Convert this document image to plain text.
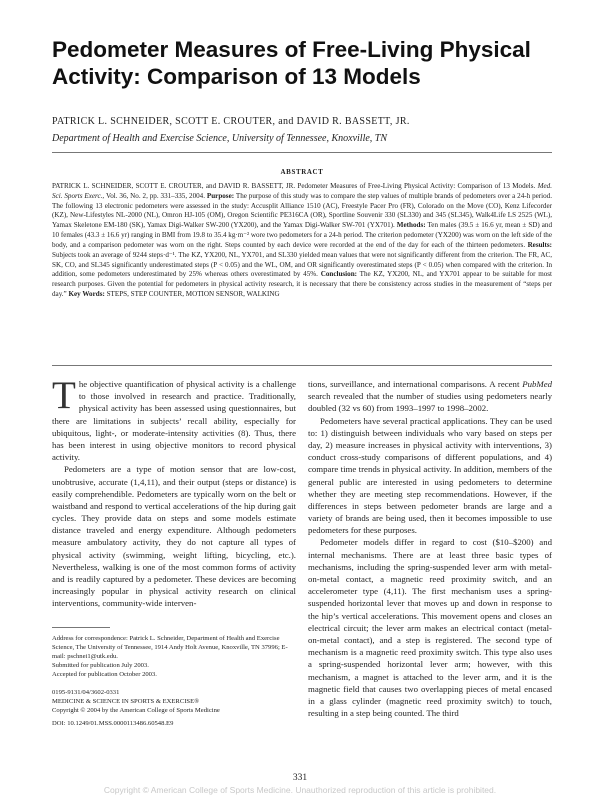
Pedometer Measures of Free-Living Physical Activity: Comparison of 13 Models
PATRICK L. SCHNEIDER, SCOTT E. CROUTER, and DAVID R. BASSETT, JR.
Department of Health and Exercise Science, University of Tennessee, Knoxville, TN
ABSTRACT

PATRICK L. SCHNEIDER, SCOTT E. CROUTER, and DAVID R. BASSETT, JR. Pedometer Measures of Free-Living Physical Activity: Comparison of 13 Models. Med. Sci. Sports Exerc., Vol. 36, No. 2, pp. 331–335, 2004. Purpose: The purpose of this study was to compare the step values of multiple brands of pedometers over a 24-h period. The following 13 electronic pedometers were assessed in the study: Accusplit Alliance 1510 (AC), Freestyle Pacer Pro (FR), Colorado on the Move (CO), Kenz Lifecorder (KZ), New-Lifestyles NL-2000 (NL), Omron HJ-105 (OM), Oregon Scientific PE316CA (OR), Sportline Souvenir 330 (SL330) and 345 (SL345), Walk4Life LS 2525 (WL), Yamax Skeletone EM-180 (SK), Yamax Digi-Walker SW-200 (YX200), and the Yamax Digi-Walker SW-701 (YX701). Methods: Ten males (39.5 ± 16.6 yr, mean ± SD) and 10 females (43.3 ± 16.6 yr) ranging in BMI from 19.8 to 35.4 kg·m⁻² wore two pedometers for a 24-h period. The criterion pedometer (YX200) was worn on the left side of the body, and a comparison pedometer was worn on the right. Steps counted by each device were recorded at the end of the day for each of the thirteen pedometers. Results: Subjects took an average of 9244 steps·d⁻¹. The KZ, YX200, NL, YX701, and SL330 yielded mean values that were not significantly different from the criterion. The FR, AC, SK, CO, and SL345 significantly underestimated steps (P < 0.05) and the WL, OM, and OR significantly overestimated steps (P < 0.05) when compared with the criterion. In addition, some pedometers underestimated by 25% whereas others overestimated by 45%. Conclusion: The KZ, YX200, NL, and YX701 appear to be suitable for most research purposes. Given the potential for pedometers in physical activity research, it is necessary that there be consistency across studies in the measurement of “steps per day.” Key Words: STEPS, STEP COUNTER, MOTION SENSOR, WALKING

The objective quantification of physical activity is a challenge to those involved in research and practice. Traditionally, physical activity has been assessed using questionnaires, but there are limitations in subjects’ recall ability, especially for ubiquitous, light-, or moderate-intensity activities (8). Thus, there has been interest in using objective monitors to record physical activity.

Pedometers are a type of motion sensor that are low-cost, unobtrusive, accurate (1,4,11), and their output (steps or distance) is easily comprehendible. Pedometers are typically worn on the belt or waistband and respond to vertical accelerations of the hip during gait cycles. They provide data on steps and some models estimate distance traveled and energy expenditure. Although pedometers measure ambulatory activity, they do not capture all types of physical activity (swimming, weight lifting, bicycling, etc.). Nevertheless, walking is one of the most common forms of activity and is readily captured by a pedometer. These devices are becoming increasingly popular in physical activity research on clinical interventions, community-wide interven-

tions, surveillance, and international comparisons. A recent PubMed search revealed that the number of studies using pedometers nearly doubled (32 vs 60) from 1993–1997 to 1998–2002.

Pedometers have several practical applications. They can be used to: 1) distinguish between individuals who vary based on steps per day, 2) measure increases in physical activity with interventions, 3) conduct cross-study comparisons of different populations, and 4) compare time trends in physical activity. In addition, members of the general public are interested in using pedometers to determine whether they are meeting step recommendations. However, if the differences in steps between pedometer brands are large and a variety of brands are being used, then it becomes impossible to use pedometers for these purposes.

Pedometer models differ in regard to cost ($10–$200) and internal mechanisms. There are at least three basic types of mechanisms, including the spring-suspended lever arm with metal-on-metal contact, a magnetic reed proximity switch, and an accelerometer type (4,11). The first mechanism uses a spring-suspended horizontal lever that moves up and down in response to the hip’s vertical accelerations. This movement opens and closes an electrical circuit; the lever arm makes an electrical contact (metal-on-metal contact), and a step is registered. The second type of mechanism is a magnetic reed proximity switch. This type also uses a spring-suspended horizontal lever arm; however, with this mechanism, a magnet is attached to the lever arm, and it is the magnetic field that causes two overlapping pieces of metal encased in a glass cylinder (magnetic reed proximity switch) to touch, resulting in a step being counted. The third

Address for correspondence: Patrick L. Schneider, Department of Health and Exercise Science, The University of Tennessee, 1914 Andy Holt Avenue, Knoxville, TN 37996; E-mail: pschnei1@utk.edu.
Submitted for publication July 2003.
Accepted for publication October 2003.
0195-9131/04/3602-0331
MEDICINE & SCIENCE IN SPORTS & EXERCISE®
Copyright © 2004 by the American College of Sports Medicine
DOI: 10.1249/01.MSS.0000113486.60548.E9
331
Copyright © American College of Sports Medicine. Unauthorized reproduction of this article is prohibited.
